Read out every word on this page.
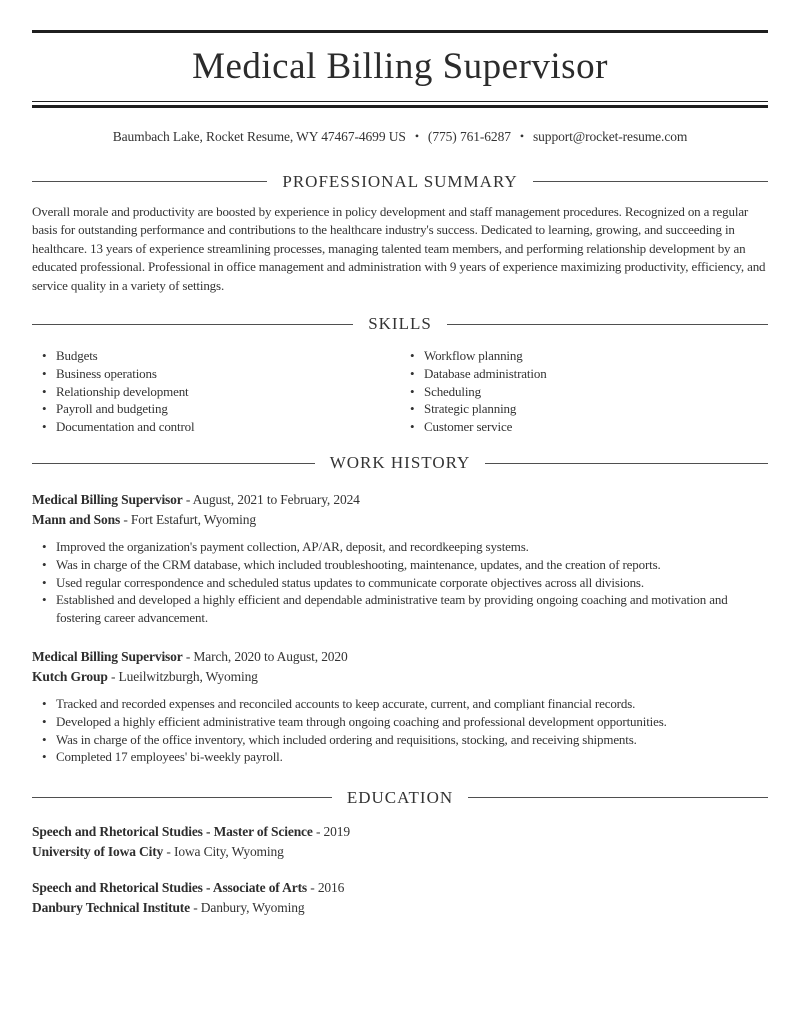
Medical Billing Supervisor
Baumbach Lake, Rocket Resume, WY 47467-4699 US • (775) 761-6287 • support@rocket-resume.com
PROFESSIONAL SUMMARY

Overall morale and productivity are boosted by experience in policy development and staff management procedures. Recognized on a regular basis for outstanding performance and contributions to the healthcare industry's success. Dedicated to learning, growing, and succeeding in healthcare. 13 years of experience streamlining processes, managing talented team members, and performing relationship development by an educated professional. Professional in office management and administration with 9 years of experience maximizing productivity, efficiency, and service quality in a variety of settings.

SKILLS
• Budgets
• Business operations
• Relationship development
• Payroll and budgeting
• Documentation and control
• Workflow planning
• Database administration
• Scheduling
• Strategic planning
• Customer service
WORK HISTORY
Medical Billing Supervisor - August, 2021 to February, 2024
Mann and Sons - Fort Estafurt, Wyoming
• Improved the organization's payment collection, AP/AR, deposit, and recordkeeping systems.
• Was in charge of the CRM database, which included troubleshooting, maintenance, updates, and the creation of reports.
• Used regular correspondence and scheduled status updates to communicate corporate objectives across all divisions.
• Established and developed a highly efficient and dependable administrative team by providing ongoing coaching and motivation and fostering career advancement.
Medical Billing Supervisor - March, 2020 to August, 2020
Kutch Group - Lueilwitzburgh, Wyoming
• Tracked and recorded expenses and reconciled accounts to keep accurate, current, and compliant financial records.
• Developed a highly efficient administrative team through ongoing coaching and professional development opportunities.
• Was in charge of the office inventory, which included ordering and requisitions, stocking, and receiving shipments.
• Completed 17 employees' bi-weekly payroll.
EDUCATION
Speech and Rhetorical Studies - Master of Science - 2019
University of Iowa City - Iowa City, Wyoming
Speech and Rhetorical Studies - Associate of Arts - 2016
Danbury Technical Institute - Danbury, Wyoming
